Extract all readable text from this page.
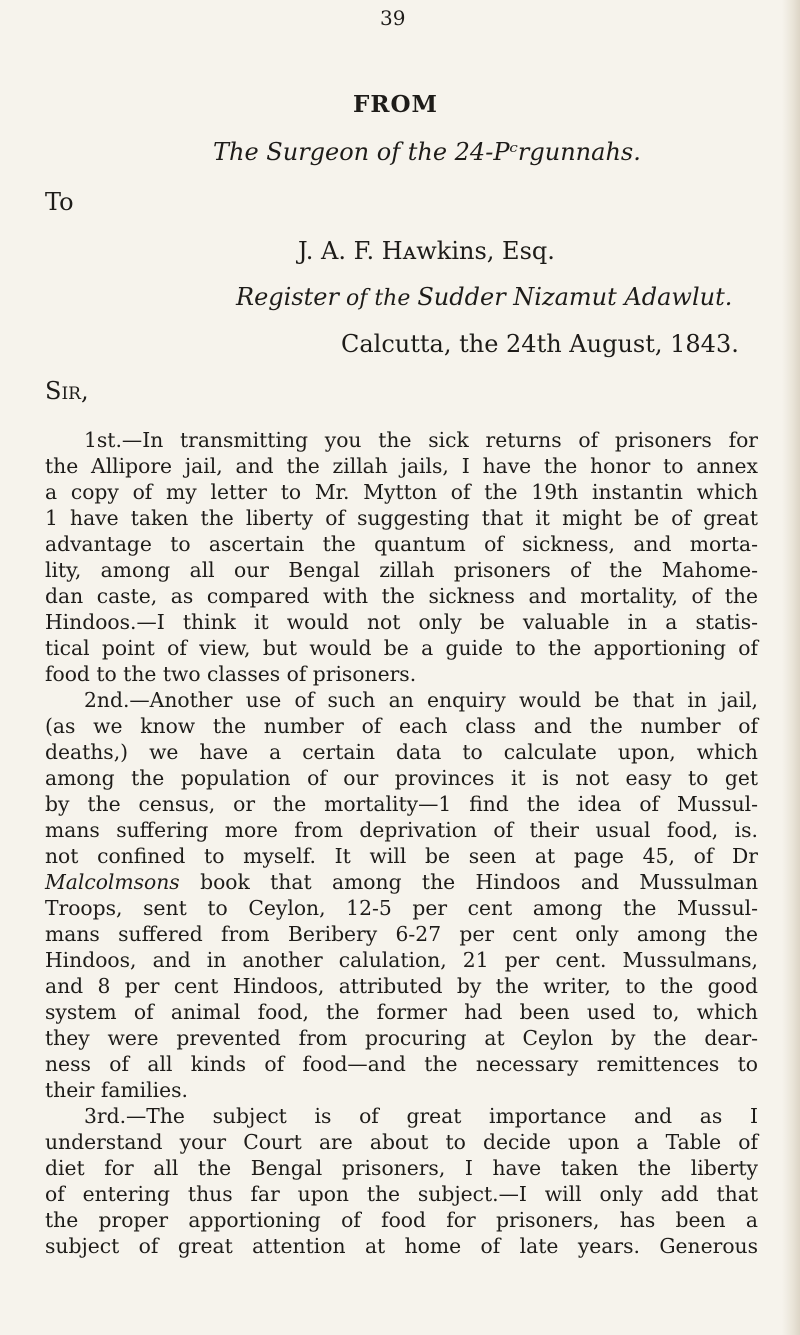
39

FROM

The Surgeon of the 24-Pᶜrgunnahs.

To

J. A. F. Hᴀwkins, Esq.

Register of the Sudder Nizamut Adawlut.

Calcutta, the 24th August, 1843.

Sir,

1st.—In transmitting you the sick returns of prisoners for

the Allipore jail, and the zillah jails, I have the honor to annex

a copy of my letter to Mr. Mytton of the 19th instantin which

1 have taken the liberty of suggesting that it might be of great

advantage to ascertain the quantum of sickness, and morta-

lity, among all our Bengal zillah prisoners of the Mahome-

dan caste, as compared with the sickness and mortality, of the

Hindoos.—I think it would not only be valuable in a statis-

tical point of view, but would be a guide to the apportioning of

food to the two classes of prisoners.

2nd.—Another use of such an enquiry would be that in jail,

(as we know the number of each class and the number of

deaths,) we have a certain data to calculate upon, which

among the population of our provinces it is not easy to get

by the census, or the mortality—1 find the idea of Mussul-

mans suffering more from deprivation of their usual food, is.

not confined to myself. It will be seen at page 45, of Dr

Malcolmsons book that among the Hindoos and Mussulman

Troops, sent to Ceylon, 12-5 per cent among the Mussul-

mans suffered from Beribery 6-27 per cent only among the

Hindoos, and in another calulation, 21 per cent. Mussulmans,

and 8 per cent Hindoos, attributed by the writer, to the good

system of animal food, the former had been used to, which

they were prevented from procuring at Ceylon by the dear-

ness of all kinds of food—and the necessary remittences to

their families.

3rd.—The subject is of great importance and as I

understand your Court are about to decide upon a Table of

diet for all the Bengal prisoners, I have taken the liberty

of entering thus far upon the subject.—I will only add that

the proper apportioning of food for prisoners, has been a

subject of great attention at home of late years. Generous
